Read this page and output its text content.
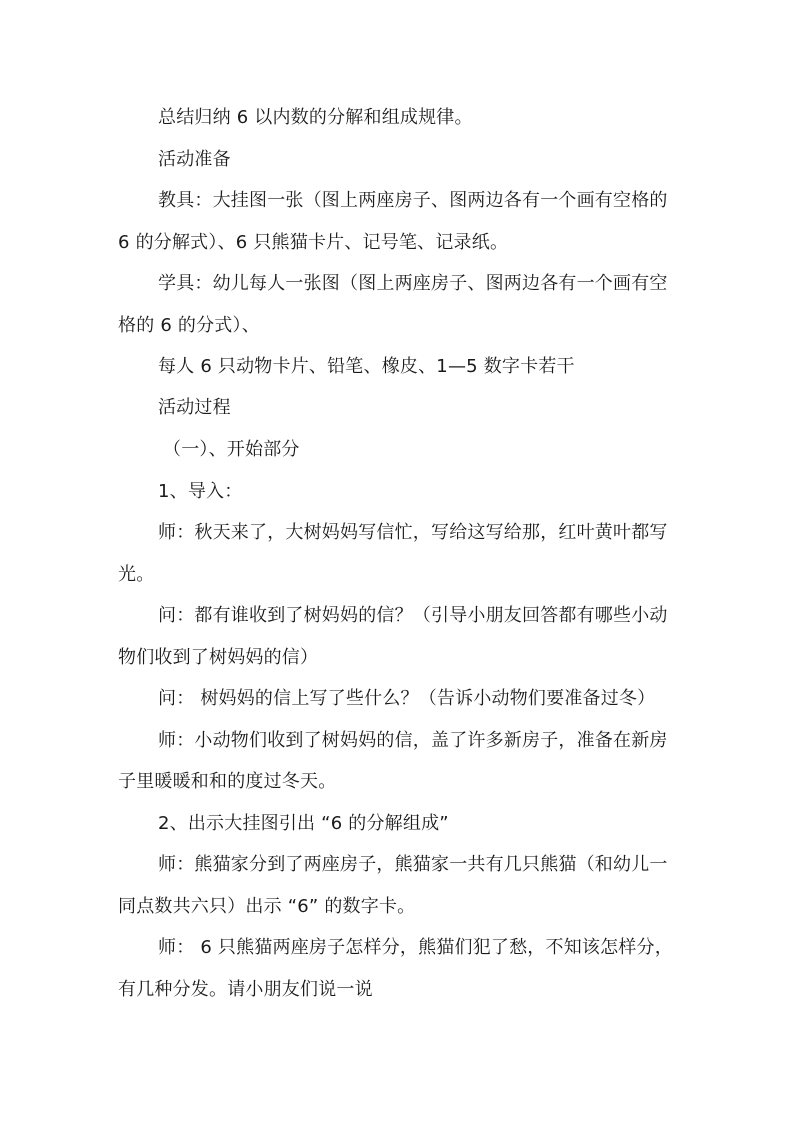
总结归纳 6 以内数的分解和组成规律。
活动准备
教具：大挂图一张（图上两座房子、图两边各有一个画有空格的
6 的分解式）、6 只熊猫卡片、记号笔、记录纸。
学具：幼儿每人一张图（图上两座房子、图两边各有一个画有空
格的 6 的分式）、
每人 6 只动物卡片、铅笔、橡皮、1—5 数字卡若干
活动过程
（一）、开始部分
1、导入：
师：秋天来了，大树妈妈写信忙，写给这写给那，红叶黄叶都写
光。
问：都有谁收到了树妈妈的信？（引导小朋友回答都有哪些小动
物们收到了树妈妈的信）
问： 树妈妈的信上写了些什么？（告诉小动物们要准备过冬）
师：小动物们收到了树妈妈的信，盖了许多新房子，准备在新房
子里暖暖和和的度过冬天。
2、出示大挂图引出 “6 的分解组成”
师：熊猫家分到了两座房子，熊猫家一共有几只熊猫（和幼儿一
同点数共六只）出示 “6” 的数字卡。
师： 6 只熊猫两座房子怎样分，熊猫们犯了愁，不知该怎样分，
有几种分发。请小朋友们说一说
